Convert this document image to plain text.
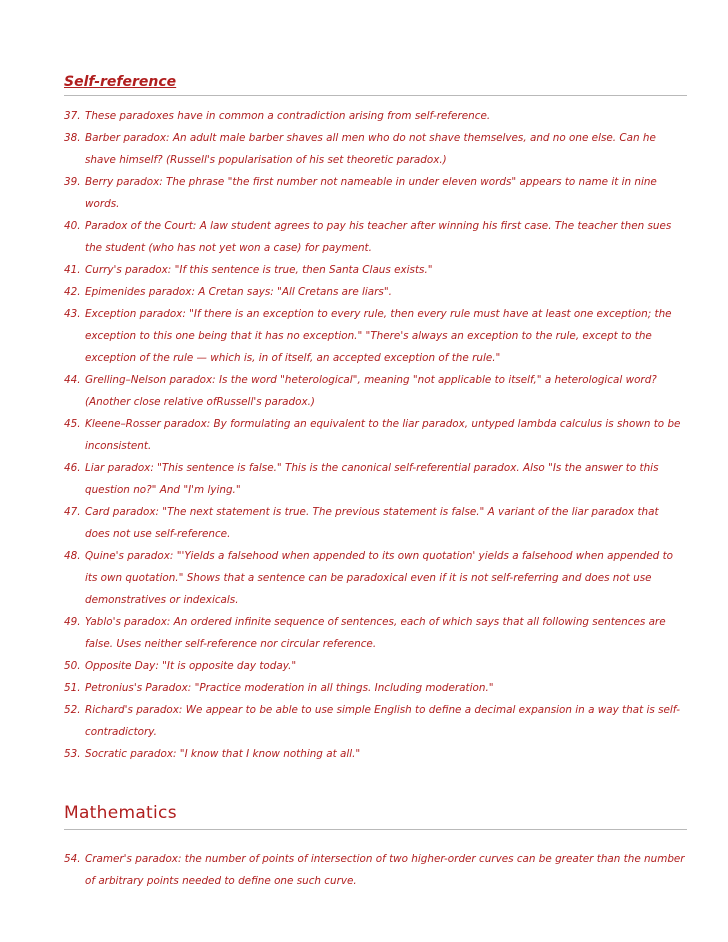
Self-reference
37. These paradoxes have in common a contradiction arising from self-reference.
38. Barber paradox: An adult male barber shaves all men who do not shave themselves, and no one else. Can he shave himself? (Russell's popularisation of his set theoretic paradox.)
39. Berry paradox: The phrase "the first number not nameable in under eleven words" appears to name it in nine words.
40. Paradox of the Court: A law student agrees to pay his teacher after winning his first case. The teacher then sues the student (who has not yet won a case) for payment.
41. Curry's paradox: "If this sentence is true, then Santa Claus exists."
42. Epimenides paradox: A Cretan says: "All Cretans are liars".
43. Exception paradox: "If there is an exception to every rule, then every rule must have at least one exception; the exception to this one being that it has no exception." "There's always an exception to the rule, except to the exception of the rule — which is, in of itself, an accepted exception of the rule."
44. Grelling–Nelson paradox: Is the word "heterological", meaning "not applicable to itself," a heterological word? (Another close relative ofRussell's paradox.)
45. Kleene–Rosser paradox: By formulating an equivalent to the liar paradox, untyped lambda calculus is shown to be inconsistent.
46. Liar paradox: "This sentence is false." This is the canonical self-referential paradox. Also "Is the answer to this question no?" And "I'm lying."
47. Card paradox: "The next statement is true. The previous statement is false." A variant of the liar paradox that does not use self-reference.
48. Quine's paradox: "'Yields a falsehood when appended to its own quotation' yields a falsehood when appended to its own quotation." Shows that a sentence can be paradoxical even if it is not self-referring and does not use demonstratives or indexicals.
49. Yablo's paradox: An ordered infinite sequence of sentences, each of which says that all following sentences are false. Uses neither self-reference nor circular reference.
50. Opposite Day: "It is opposite day today."
51. Petronius's Paradox: "Practice moderation in all things. Including moderation."
52. Richard's paradox: We appear to be able to use simple English to define a decimal expansion in a way that is self-contradictory.
53. Socratic paradox: "I know that I know nothing at all."
Mathematics
54. Cramer's paradox: the number of points of intersection of two higher-order curves can be greater than the number of arbitrary points needed to define one such curve.
